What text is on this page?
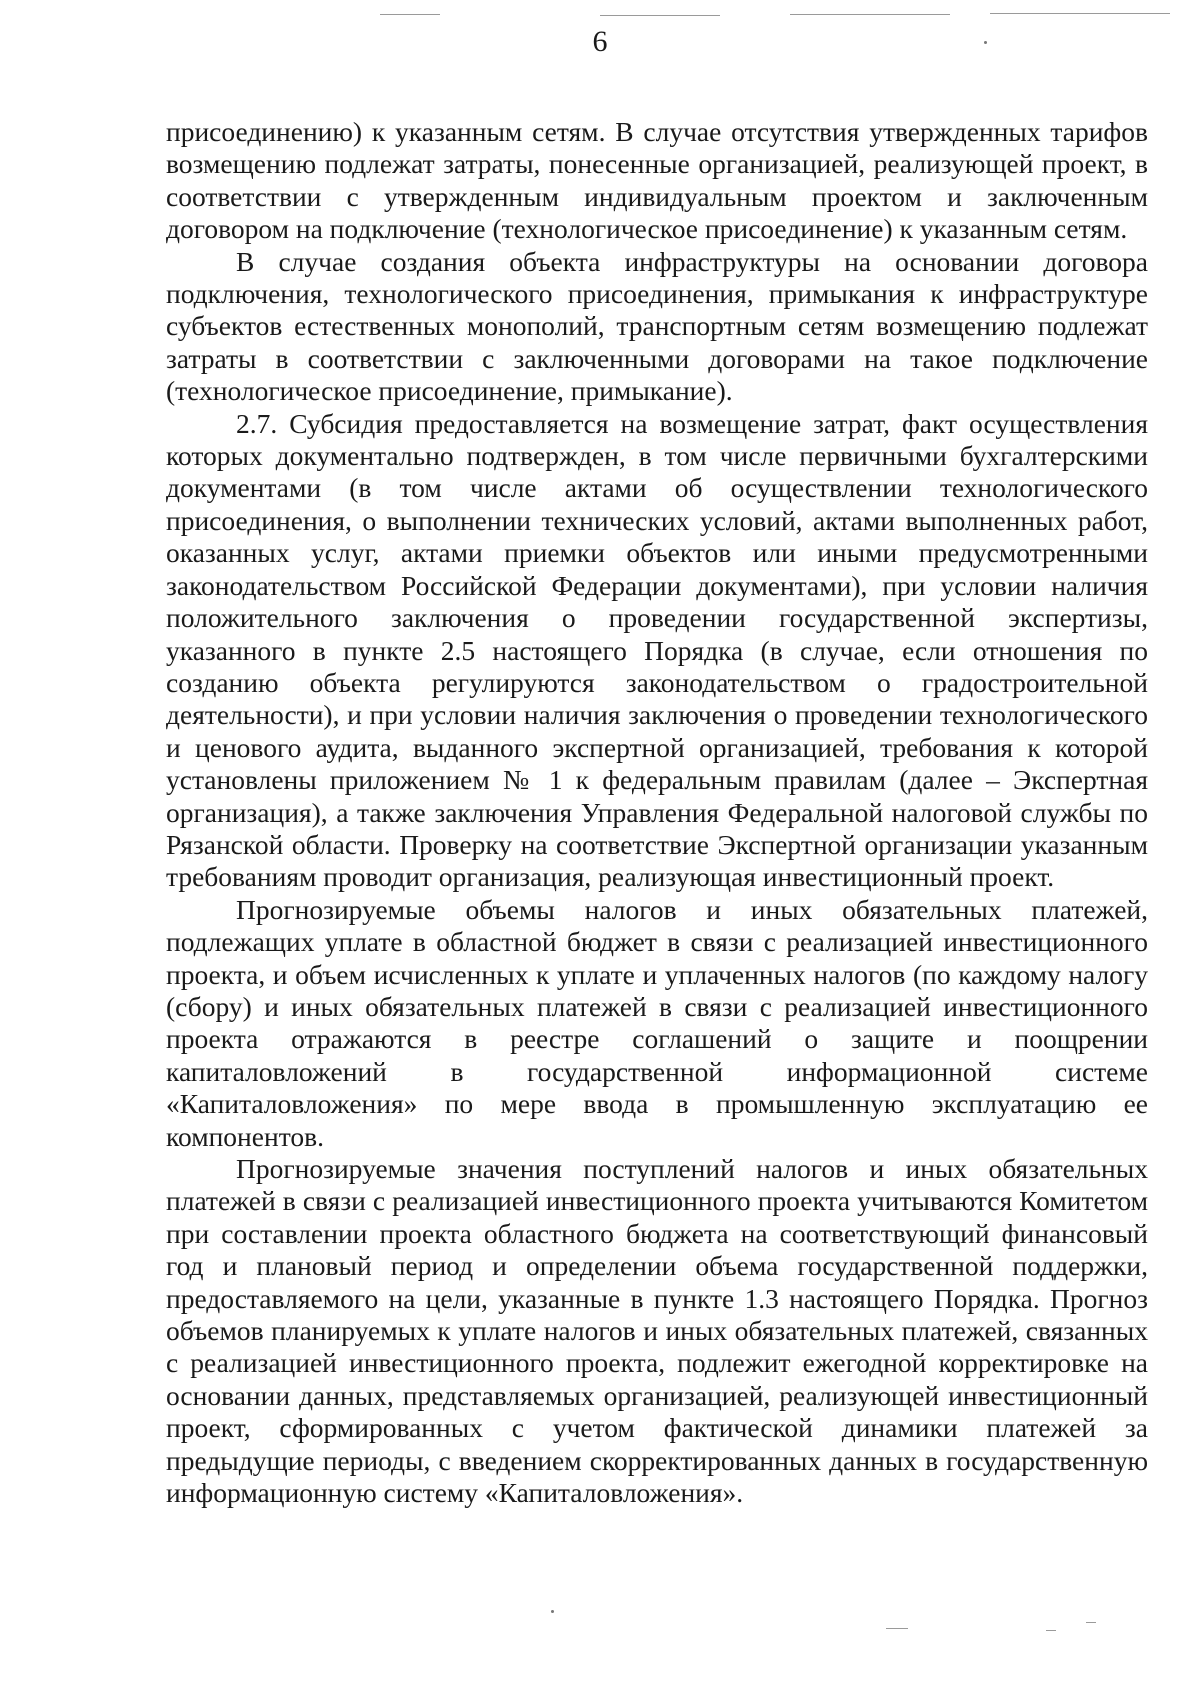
6

присоединению) к указанным сетям. В случае отсутствия утвержденных тарифов возмещению подлежат затраты, понесенные организацией, реализующей проект, в соответствии с утвержденным индивидуальным проектом и заключенным договором на подключение (технологическое присоединение) к указанным сетям.

В случае создания объекта инфраструктуры на основании договора подключения, технологического присоединения, примыкания к инфраструктуре субъектов естественных монополий, транспортным сетям возмещению подлежат затраты в соответствии с заключенными договорами на такое подключение (технологическое присоединение, примыкание).

2.7. Субсидия предоставляется на возмещение затрат, факт осуществления которых документально подтвержден, в том числе первичными бухгалтерскими документами (в том числе актами об осуществлении технологического присоединения, о выполнении технических условий, актами выполненных работ, оказанных услуг, актами приемки объектов или иными предусмотренными законодательством Российской Федерации документами), при условии наличия положительного заключения о проведении государственной экспертизы, указанного в пункте 2.5 настоящего Порядка (в случае, если отношения по созданию объекта регулируются законодательством о градостроительной деятельности), и при условии наличия заключения о проведении технологического и ценового аудита, выданного экспертной организацией, требования к которой установлены приложением № 1 к федеральным правилам (далее – Экспертная организация), а также заключения Управления Федеральной налоговой службы по Рязанской области. Проверку на соответствие Экспертной организации указанным требованиям проводит организация, реализующая инвестиционный проект.

Прогнозируемые объемы налогов и иных обязательных платежей, подлежащих уплате в областной бюджет в связи с реализацией инвестиционного проекта, и объем исчисленных к уплате и уплаченных налогов (по каждому налогу (сбору) и иных обязательных платежей в связи с реализацией инвестиционного проекта отражаются в реестре соглашений о защите и поощрении капиталовложений в государственной информационной системе «Капиталовложения» по мере ввода в промышленную эксплуатацию ее компонентов.

Прогнозируемые значения поступлений налогов и иных обязательных платежей в связи с реализацией инвестиционного проекта учитываются Комитетом при составлении проекта областного бюджета на соответствующий финансовый год и плановый период и определении объема государственной поддержки, предоставляемого на цели, указанные в пункте 1.3 настоящего Порядка. Прогноз объемов планируемых к уплате налогов и иных обязательных платежей, связанных с реализацией инвестиционного проекта, подлежит ежегодной корректировке на основании данных, представляемых организацией, реализующей инвестиционный проект, сформированных с учетом фактической динамики платежей за предыдущие периоды, с введением скорректированных данных в государственную информационную систему «Капиталовложения».
